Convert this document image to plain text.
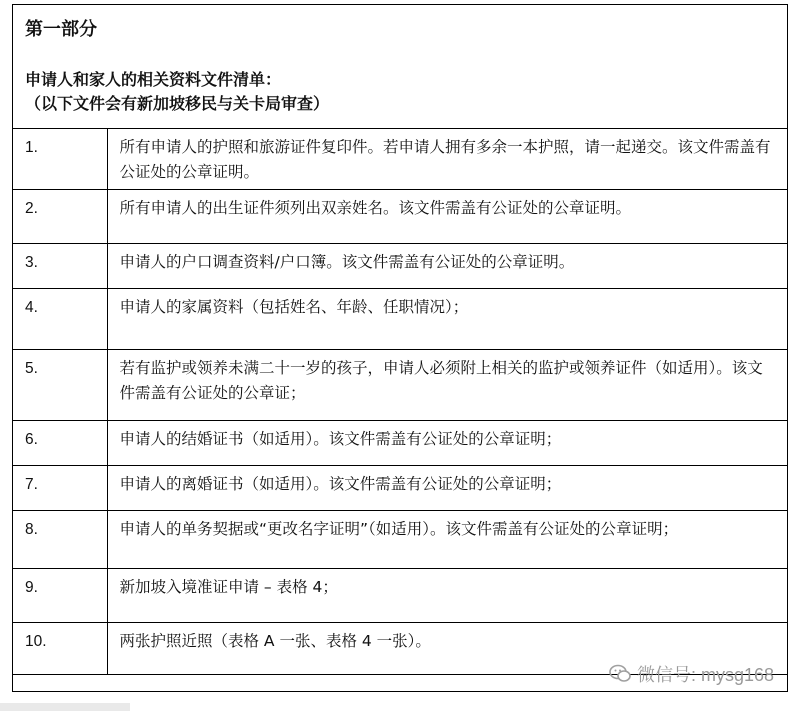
第一部分
申请人和家人的相关资料文件清单：
（以下文件会有新加坡移民与关卡局审查）
1.	所有申请人的护照和旅游证件复印件。若申请人拥有多余一本护照，请一起递交。该文件需盖有公证处的公章证明。
2.	所有申请人的出生证件须列出双亲姓名。该文件需盖有公证处的公章证明。
3.	申请人的户口调查资料/户口簿。该文件需盖有公证处的公章证明。
4.	申请人的家属资料（包括姓名、年龄、任职情况）；
5.	若有监护或领养未满二十一岁的孩子，申请人必须附上相关的监护或领养证件（如适用）。该文件需盖有公证处的公章证；
6.	申请人的结婚证书（如适用）。该文件需盖有公证处的公章证明；
7.	申请人的离婚证书（如适用）。该文件需盖有公证处的公章证明；
8.	申请人的单务契据或“更改名字证明”（如适用）。该文件需盖有公证处的公章证明；
9.	新加坡入境准证申请 – 表格 4；
10.	两张护照近照（表格 A 一张、表格 4 一张）。
微信号: mysg168
